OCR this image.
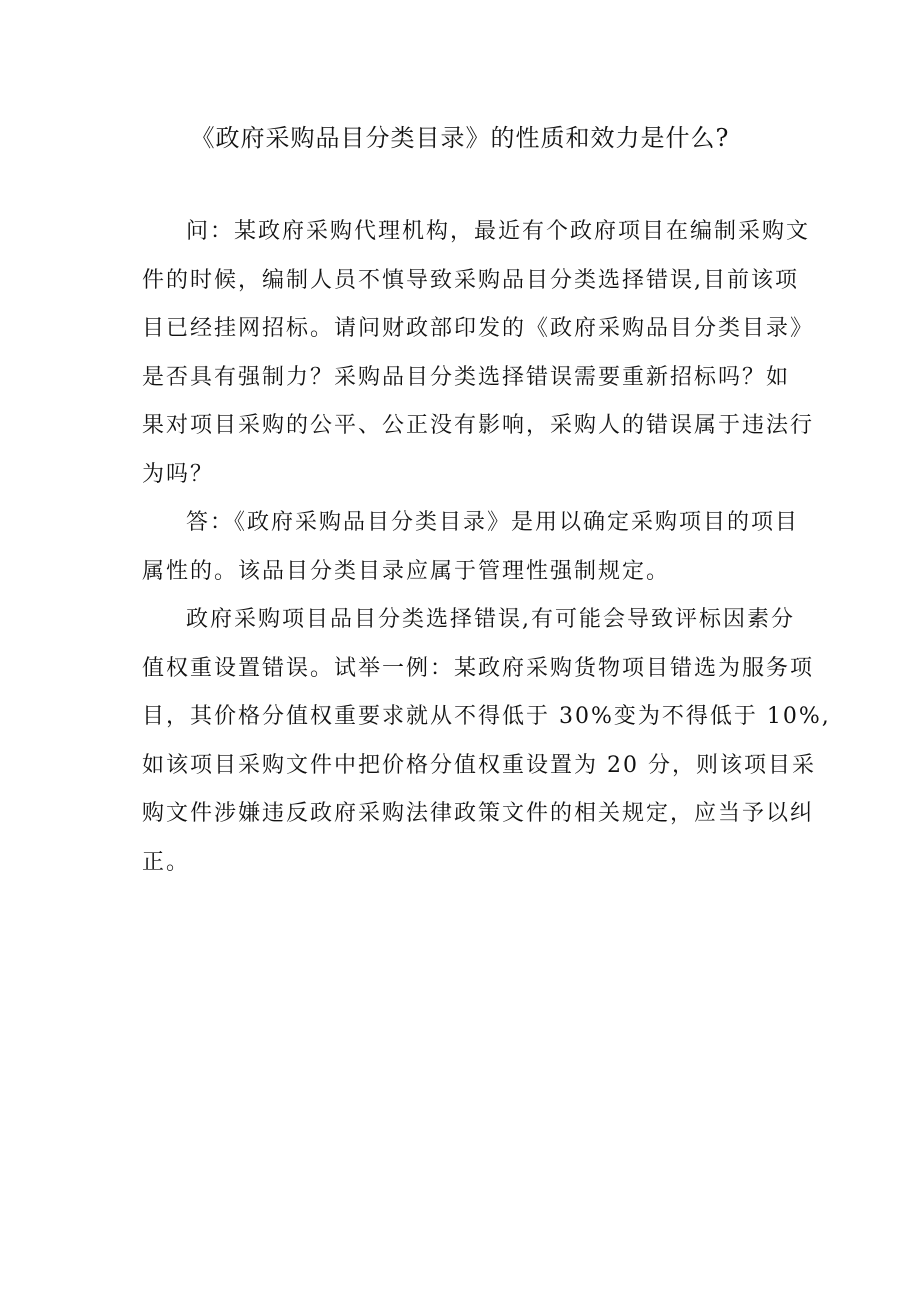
《政府采购品目分类目录》的性质和效力是什么?
问：某政府采购代理机构，最近有个政府项目在编制采购文
件的时候，编制人员不慎导致采购品目分类选择错误,目前该项
目已经挂网招标。请问财政部印发的《政府采购品目分类目录》
是否具有强制力？采购品目分类选择错误需要重新招标吗？如
果对项目采购的公平、公正没有影响，采购人的错误属于违法行
为吗？
答：《政府采购品目分类目录》是用以确定采购项目的项目
属性的。该品目分类目录应属于管理性强制规定。
政府采购项目品目分类选择错误,有可能会导致评标因素分
值权重设置错误。试举一例：某政府采购货物项目错选为服务项
目，其价格分值权重要求就从不得低于 30%变为不得低于 10%,
如该项目采购文件中把价格分值权重设置为 20 分，则该项目采
购文件涉嫌违反政府采购法律政策文件的相关规定，应当予以纠
正。
